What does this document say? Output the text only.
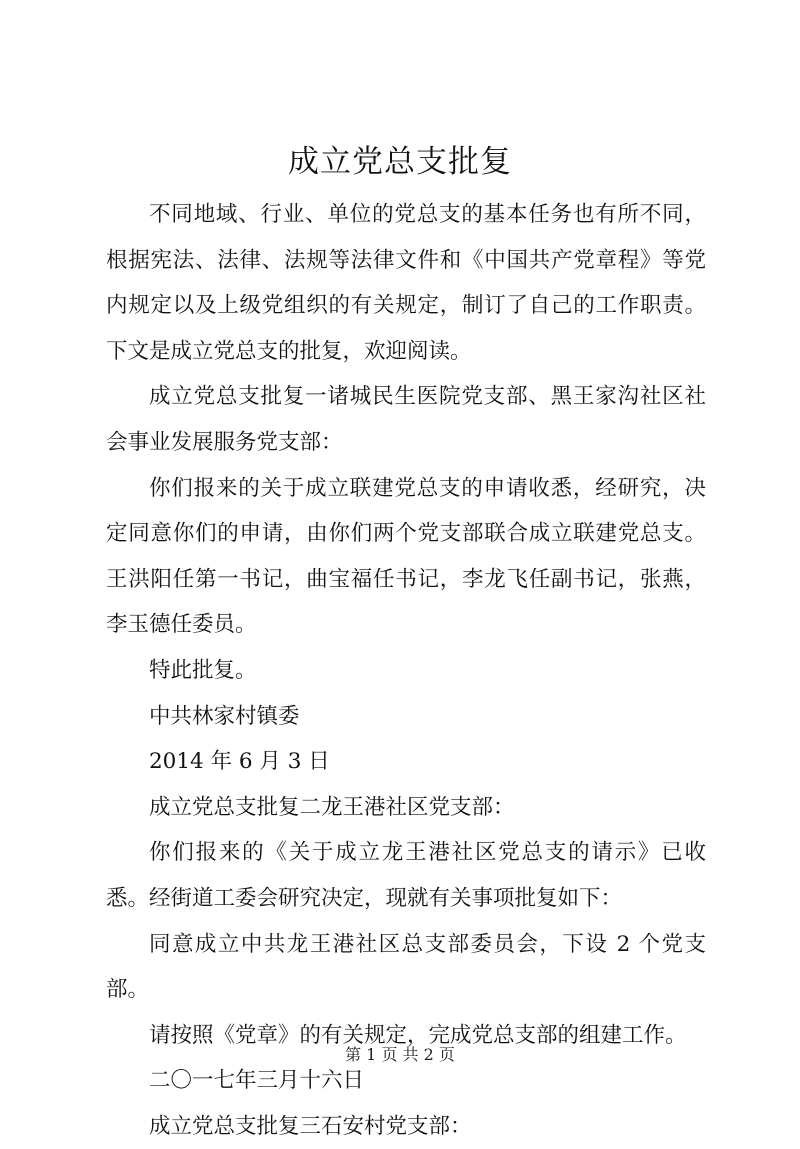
成立党总支批复

不同地域、行业、单位的党总支的基本任务也有所不同，根据宪法、法律、法规等法律文件和《中国共产党章程》等党内规定以及上级党组织的有关规定，制订了自己的工作职责。下文是成立党总支的批复，欢迎阅读。

成立党总支批复一诸城民生医院党支部、黑王家沟社区社会事业发展服务党支部：

你们报来的关于成立联建党总支的申请收悉，经研究，决定同意你们的申请，由你们两个党支部联合成立联建党总支。王洪阳任第一书记，曲宝福任书记，李龙飞任副书记，张燕，李玉德任委员。

特此批复。

中共林家村镇委

2014 年 6 月 3 日

成立党总支批复二龙王港社区党支部：

你们报来的《关于成立龙王港社区党总支的请示》已收悉。经街道工委会研究决定，现就有关事项批复如下：

同意成立中共龙王港社区总支部委员会，下设 2 个党支部。

请按照《党章》的有关规定，完成党总支部的组建工作。

二〇一七年三月十六日

成立党总支批复三石安村党支部：

第 1 页 共 2 页
